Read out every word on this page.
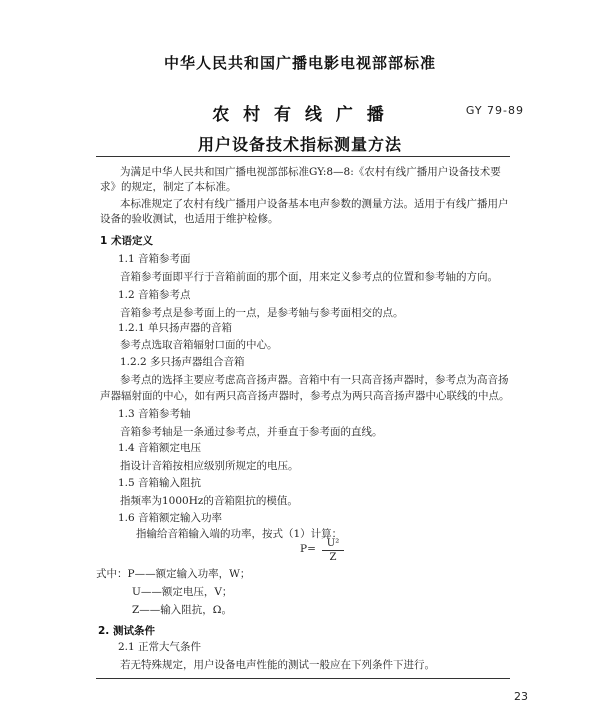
中华人民共和国广播电影电视部部标准
农 村 有 线 广 播	GY 79-89
用户设备技术指标测量方法
为满足中华人民共和国广播电视部部标准GY:8—8:《农村有线广播用户设备技术要
求》的规定，制定了本标准。
本标准规定了农村有线广播用户设备基本电声参数的测量方法。适用于有线广播用户
设备的验收测试，也适用于维护检修。
1 术语定义
1.1 音箱参考面
音箱参考面即平行于音箱前面的那个面，用来定义参考点的位置和参考轴的方向。
1.2 音箱参考点
音箱参考点是参考面上的一点，是参考轴与参考面相交的点。
1.2.1 单只扬声器的音箱
参考点选取音箱辐射口面的中心。
1.2.2 多只扬声器组合音箱
参考点的选择主要应考虑高音扬声器。音箱中有一只高音扬声器时，参考点为高音扬
声器辐射面的中心，如有两只高音扬声器时，参考点为两只高音扬声器中心联线的中点。
1.3 音箱参考轴
音箱参考轴是一条通过参考点，并垂直于参考面的直线。
1.4 音箱额定电压
指设计音箱按相应级别所规定的电压。
1.5 音箱输入阻抗
指频率为1000Hz的音箱阻抗的模值。
1.6 音箱额定输入功率
指输给音箱输入端的功率，按式（1）计算：
$P= \frac{\text{U²}}{Z}$
式中：P——额定输入功率，W；
U——额定电压，V；
Z——输入阻抗，Ω。
2. 测试条件
2.1 正常大气条件
若无特殊规定，用户设备电声性能的测试一般应在下列条件下进行。
23
